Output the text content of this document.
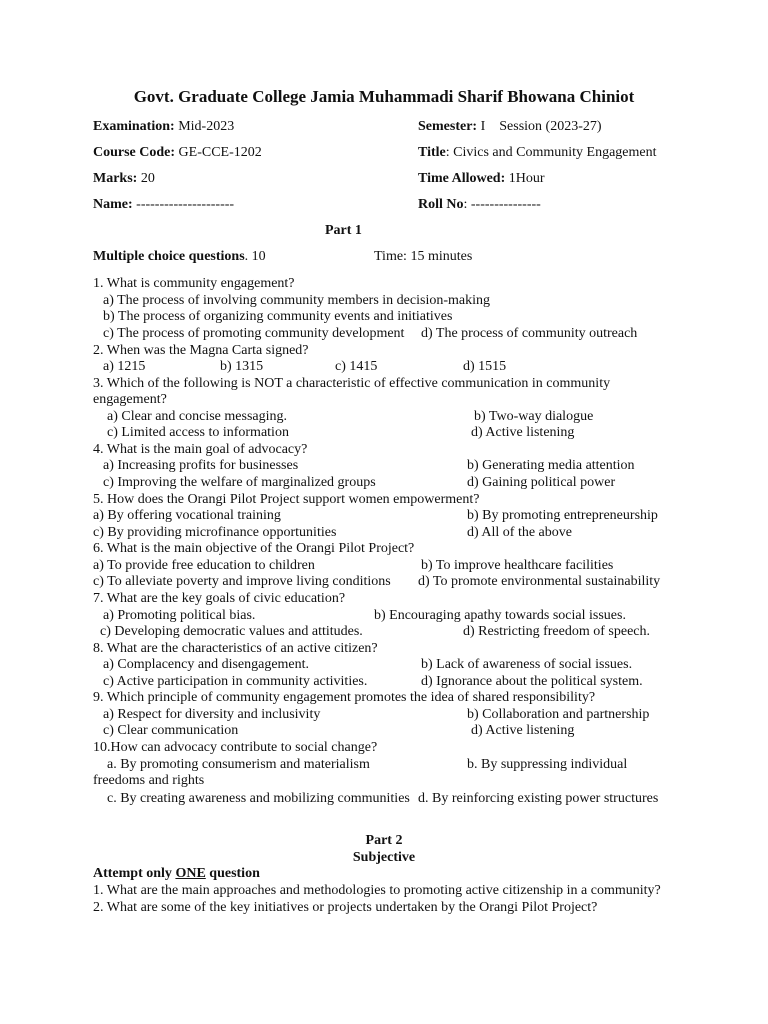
Govt. Graduate College Jamia Muhammadi Sharif Bhowana Chiniot
Examination: Mid-2023	Semester: I    Session (2023-27)
Course Code: GE-CCE-1202	Title: Civics and Community Engagement
Marks: 20	Time Allowed: 1Hour
Name: ---------------------	Roll No: ---------------
Part 1
Multiple choice questions. 10	Time: 15 minutes
1. What is community engagement?
a) The process of involving community members in decision-making
b) The process of organizing community events and initiatives
c) The process of promoting community development d) The process of community outreach
2. When was the Magna Carta signed?
a) 1215	b) 1315	c) 1415	d) 1515
3. Which of the following is NOT a characteristic of effective communication in community
engagement?
a) Clear and concise messaging.	b) Two-way dialogue
c) Limited access to information	d) Active listening
4. What is the main goal of advocacy?
a) Increasing profits for businesses	b) Generating media attention
c) Improving the welfare of marginalized groups	d) Gaining political power
5. How does the Orangi Pilot Project support women empowerment?
a) By offering vocational training	b) By promoting entrepreneurship
c) By providing microfinance opportunities	d) All of the above
6. What is the main objective of the Orangi Pilot Project?
a) To provide free education to children	b) To improve healthcare facilities
c) To alleviate poverty and improve living conditions d) To promote environmental sustainability
7. What are the key goals of civic education?
a) Promoting political bias.	b) Encouraging apathy towards social issues.
c) Developing democratic values and attitudes.	d) Restricting freedom of speech.
8. What are the characteristics of an active citizen?
a) Complacency and disengagement.	b) Lack of awareness of social issues.
c) Active participation in community activities.	d) Ignorance about the political system.
9. Which principle of community engagement promotes the idea of shared responsibility?
a) Respect for diversity and inclusivity	b) Collaboration and partnership
c) Clear communication	d) Active listening
10.How can advocacy contribute to social change?
a. By promoting consumerism and materialism	b. By suppressing individual
freedoms and rights
c. By creating awareness and mobilizing communities d. By reinforcing existing power structures
Part 2
Subjective
Attempt only ONE question
1. What are the main approaches and methodologies to promoting active citizenship in a community?
2. What are some of the key initiatives or projects undertaken by the Orangi Pilot Project?
